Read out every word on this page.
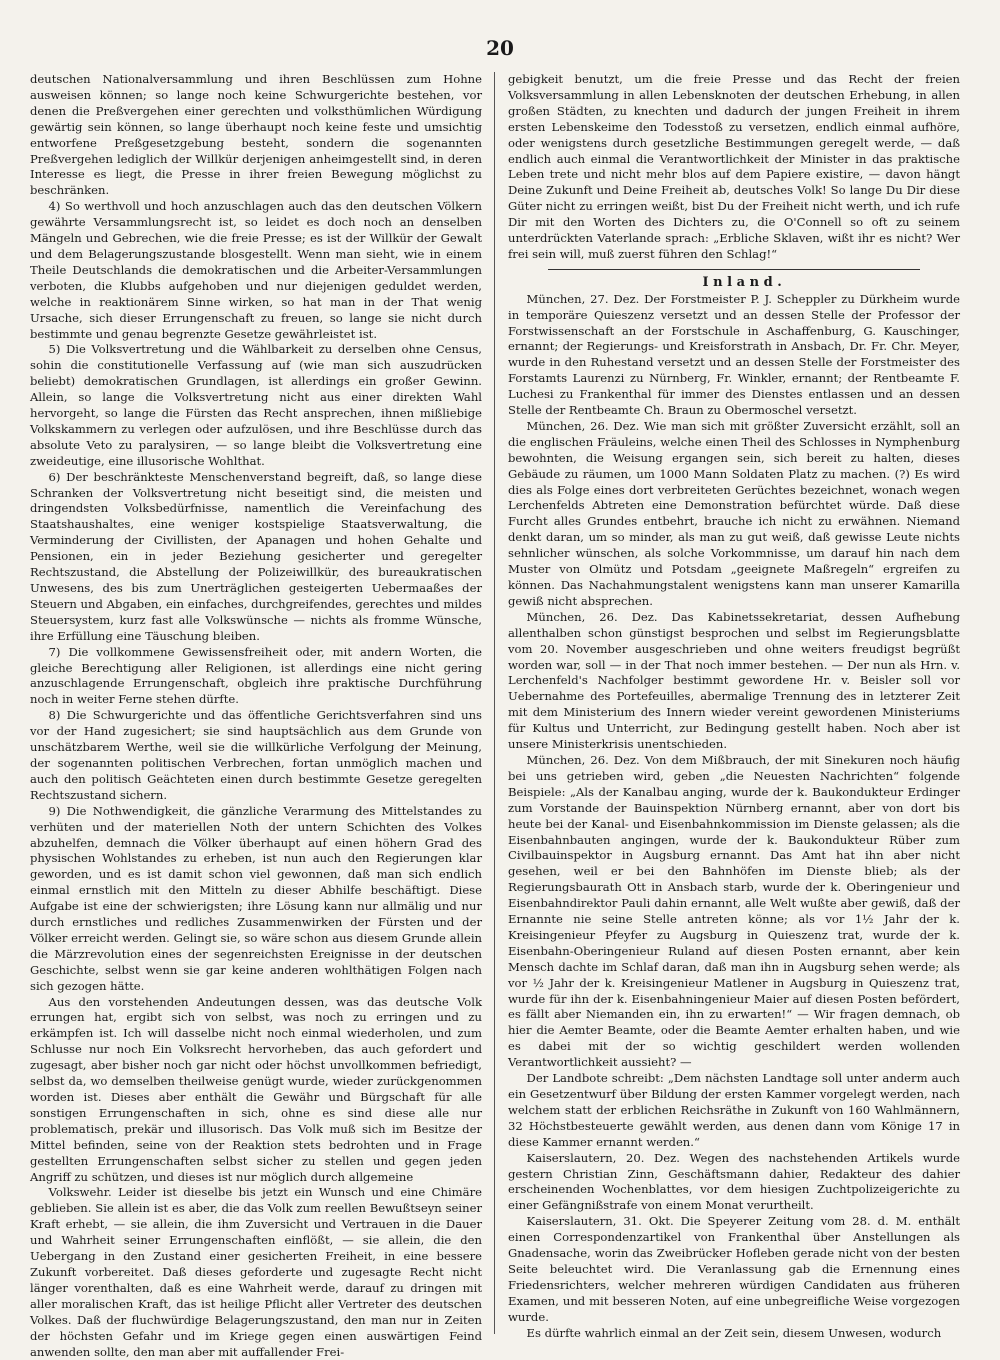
20

deutschen Nationalversammlung und ihren Beschlüssen zum Hohne ausweisen können; so lange noch keine Schwurgerichte bestehen, vor denen die Preßvergehen einer gerechten und volksthümlichen Würdigung gewärtig sein können, so lange überhaupt noch keine feste und umsichtig entworfene Preßgesetzgebung besteht, sondern die sogenannten Preßvergehen lediglich der Willkür derjenigen anheimgestellt sind, in deren Interesse es liegt, die Presse in ihrer freien Bewegung möglichst zu beschränken.

4) So werthvoll und hoch anzuschlagen auch das den deutschen Völkern gewährte Versammlungsrecht ist, so leidet es doch noch an denselben Mängeln und Gebrechen, wie die freie Presse; es ist der Willkür der Gewalt und dem Belagerungszustande blosgestellt. Wenn man sieht, wie in einem Theile Deutschlands die demokratischen und die Arbeiter-Versammlungen verboten, die Klubbs aufgehoben und nur diejenigen geduldet werden, welche in reaktionärem Sinne wirken, so hat man in der That wenig Ursache, sich dieser Errungenschaft zu freuen, so lange sie nicht durch bestimmte und genau begrenzte Gesetze gewährleistet ist.

5) Die Volksvertretung und die Wählbarkeit zu derselben ohne Census, sohin die constitutionelle Verfassung auf (wie man sich auszudrücken beliebt) demokratischen Grundlagen, ist allerdings ein großer Gewinn. Allein, so lange die Volksvertretung nicht aus einer direkten Wahl hervorgeht, so lange die Fürsten das Recht ansprechen, ihnen mißliebige Volkskammern zu verlegen oder aufzulösen, und ihre Beschlüsse durch das absolute Veto zu paralysiren, — so lange bleibt die Volksvertretung eine zweideutige, eine illusorische Wohlthat.

6) Der beschränkteste Menschenverstand begreift, daß, so lange diese Schranken der Volksvertretung nicht beseitigt sind, die meisten und dringendsten Volksbedürfnisse, namentlich die Vereinfachung des Staatshaushaltes, eine weniger kostspielige Staatsverwaltung, die Verminderung der Civillisten, der Apanagen und hohen Gehalte und Pensionen, ein in jeder Beziehung gesicherter und geregelter Rechtszustand, die Abstellung der Polizeiwillkür, des bureaukratischen Unwesens, des bis zum Unerträglichen gesteigerten Uebermaaßes der Steuern und Abgaben, ein einfaches, durchgreifendes, gerechtes und mildes Steuersystem, kurz fast alle Volkswünsche — nichts als fromme Wünsche, ihre Erfüllung eine Täuschung bleiben.

7) Die vollkommene Gewissensfreiheit oder, mit andern Worten, die gleiche Berechtigung aller Religionen, ist allerdings eine nicht gering anzuschlagende Errungenschaft, obgleich ihre praktische Durchführung noch in weiter Ferne stehen dürfte.

8) Die Schwurgerichte und das öffentliche Gerichtsverfahren sind uns vor der Hand zugesichert; sie sind hauptsächlich aus dem Grunde von unschätzbarem Werthe, weil sie die willkürliche Verfolgung der Meinung, der sogenannten politischen Verbrechen, fortan unmöglich machen und auch den politisch Geächteten einen durch bestimmte Gesetze geregelten Rechtszustand sichern.

9) Die Nothwendigkeit, die gänzliche Verarmung des Mittelstandes zu verhüten und der materiellen Noth der untern Schichten des Volkes abzuhelfen, demnach die Völker überhaupt auf einen höhern Grad des physischen Wohlstandes zu erheben, ist nun auch den Regierungen klar geworden, und es ist damit schon viel gewonnen, daß man sich endlich einmal ernstlich mit den Mitteln zu dieser Abhilfe beschäftigt. Diese Aufgabe ist eine der schwierigsten; ihre Lösung kann nur allmälig und nur durch ernstliches und redliches Zusammenwirken der Fürsten und der Völker erreicht werden. Gelingt sie, so wäre schon aus diesem Grunde allein die Märzrevolution eines der segenreichsten Ereignisse in der deutschen Geschichte, selbst wenn sie gar keine anderen wohlthätigen Folgen nach sich gezogen hätte.

Aus den vorstehenden Andeutungen dessen, was das deutsche Volk errungen hat, ergibt sich von selbst, was noch zu erringen und zu erkämpfen ist. Ich will dasselbe nicht noch einmal wiederholen, und zum Schlusse nur noch Ein Volksrecht hervorheben, das auch gefordert und zugesagt, aber bisher noch gar nicht oder höchst unvollkommen befriedigt, selbst da, wo demselben theilweise genügt wurde, wieder zurückgenommen worden ist. Dieses aber enthält die Gewähr und Bürgschaft für alle sonstigen Errungenschaften in sich, ohne es sind diese alle nur problematisch, prekär und illusorisch. Das Volk muß sich im Besitze der Mittel befinden, seine von der Reaktion stets bedrohten und in Frage gestellten Errungenschaften selbst sicher zu stellen und gegen jeden Angriff zu schützen, und dieses ist nur möglich durch allgemeine

Volkswehr. Leider ist dieselbe bis jetzt ein Wunsch und eine Chimäre geblieben. Sie allein ist es aber, die das Volk zum reellen Bewußtseyn seiner Kraft erhebt, — sie allein, die ihm Zuversicht und Vertrauen in die Dauer und Wahrheit seiner Errungenschaften einflößt, — sie allein, die den Uebergang in den Zustand einer gesicherten Freiheit, in eine bessere Zukunft vorbereitet. Daß dieses geforderte und zugesagte Recht nicht länger vorenthalten, daß es eine Wahrheit werde, darauf zu dringen mit aller moralischen Kraft, das ist heilige Pflicht aller Vertreter des deutschen Volkes. Daß der fluchwürdige Belagerungszustand, den man nur in Zeiten der höchsten Gefahr und im Kriege gegen einen auswärtigen Feind anwenden sollte, den man aber mit auffallender Frei-

gebigkeit benutzt, um die freie Presse und das Recht der freien Volksversammlung in allen Lebensknoten der deutschen Erhebung, in allen großen Städten, zu knechten und dadurch der jungen Freiheit in ihrem ersten Lebenskeime den Todesstoß zu versetzen, endlich einmal aufhöre, oder wenigstens durch gesetzliche Bestimmungen geregelt werde, — daß endlich auch einmal die Verantwortlichkeit der Minister in das praktische Leben trete und nicht mehr blos auf dem Papiere existire, — davon hängt Deine Zukunft und Deine Freiheit ab, deutsches Volk! So lange Du Dir diese Güter nicht zu erringen weißt, bist Du der Freiheit nicht werth, und ich rufe Dir mit den Worten des Dichters zu, die O'Connell so oft zu seinem unterdrückten Vaterlande sprach: „Erbliche Sklaven, wißt ihr es nicht? Wer frei sein will, muß zuerst führen den Schlag!“

Inland.

München, 27. Dez. Der Forstmeister P. J. Scheppler zu Dürkheim wurde in temporäre Quieszenz versetzt und an dessen Stelle der Professor der Forstwissenschaft an der Forstschule in Aschaffenburg, G. Kauschinger, ernannt; der Regierungs- und Kreisforstrath in Ansbach, Dr. Fr. Chr. Meyer, wurde in den Ruhestand versetzt und an dessen Stelle der Forstmeister des Forstamts Laurenzi zu Nürnberg, Fr. Winkler, ernannt; der Rentbeamte F. Luchesi zu Frankenthal für immer des Dienstes entlassen und an dessen Stelle der Rentbeamte Ch. Braun zu Obermoschel versetzt.

München, 26. Dez. Wie man sich mit größter Zuversicht erzählt, soll an die englischen Fräuleins, welche einen Theil des Schlosses in Nymphenburg bewohnten, die Weisung ergangen sein, sich bereit zu halten, dieses Gebäude zu räumen, um 1000 Mann Soldaten Platz zu machen. (?) Es wird dies als Folge eines dort verbreiteten Gerüchtes bezeichnet, wonach wegen Lerchenfelds Abtreten eine Demonstration befürchtet würde. Daß diese Furcht alles Grundes entbehrt, brauche ich nicht zu erwähnen. Niemand denkt daran, um so minder, als man zu gut weiß, daß gewisse Leute nichts sehnlicher wünschen, als solche Vorkommnisse, um darauf hin nach dem Muster von Olmütz und Potsdam „geeignete Maßregeln“ ergreifen zu können. Das Nachahmungstalent wenigstens kann man unserer Kamarilla gewiß nicht absprechen.

München, 26. Dez. Das Kabinetssekretariat, dessen Aufhebung allenthalben schon günstigst besprochen und selbst im Regierungsblatte vom 20. November ausgeschrieben und ohne weiters freudigst begrüßt worden war, soll — in der That noch immer bestehen. — Der nun als Hrn. v. Lerchenfeld's Nachfolger bestimmt gewordene Hr. v. Beisler soll vor Uebernahme des Portefeuilles, abermalige Trennung des in letzterer Zeit mit dem Ministerium des Innern wieder vereint gewordenen Ministeriums für Kultus und Unterricht, zur Bedingung gestellt haben. Noch aber ist unsere Ministerkrisis unentschieden.

München, 26. Dez. Von dem Mißbrauch, der mit Sinekuren noch häufig bei uns getrieben wird, geben „die Neuesten Nachrichten“ folgende Beispiele: „Als der Kanalbau anging, wurde der k. Baukondukteur Erdinger zum Vorstande der Bauinspektion Nürnberg ernannt, aber von dort bis heute bei der Kanal- und Eisenbahnkommission im Dienste gelassen; als die Eisenbahnbauten angingen, wurde der k. Baukondukteur Rüber zum Civilbauinspektor in Augsburg ernannt. Das Amt hat ihn aber nicht gesehen, weil er bei den Bahnhöfen im Dienste blieb; als der Regierungsbaurath Ott in Ansbach starb, wurde der k. Oberingenieur und Eisenbahndirektor Pauli dahin ernannt, alle Welt wußte aber gewiß, daß der Ernannte nie seine Stelle antreten könne; als vor 1½ Jahr der k. Kreisingenieur Pfeyfer zu Augsburg in Quieszenz trat, wurde der k. Eisenbahn-Oberingenieur Ruland auf diesen Posten ernannt, aber kein Mensch dachte im Schlaf daran, daß man ihn in Augsburg sehen werde; als vor ½ Jahr der k. Kreisingenieur Matlener in Augsburg in Quieszenz trat, wurde für ihn der k. Eisenbahningenieur Maier auf diesen Posten befördert, es fällt aber Niemanden ein, ihn zu erwarten!“ — Wir fragen demnach, ob hier die Aemter Beamte, oder die Beamte Aemter erhalten haben, und wie es dabei mit der so wichtig geschildert werden wollenden Verantwortlichkeit aussieht? —

Der Landbote schreibt: „Dem nächsten Landtage soll unter anderm auch ein Gesetzentwurf über Bildung der ersten Kammer vorgelegt werden, nach welchem statt der erblichen Reichsräthe in Zukunft von 160 Wahlmännern, 32 Höchstbesteuerte gewählt werden, aus denen dann vom Könige 17 in diese Kammer ernannt werden.“

Kaiserslautern, 20. Dez. Wegen des nachstehenden Artikels wurde gestern Christian Zinn, Geschäftsmann dahier, Redakteur des dahier erscheinenden Wochenblattes, vor dem hiesigen Zuchtpolizeigerichte zu einer Gefängnißstrafe von einem Monat verurtheilt.

Kaiserslautern, 31. Okt. Die Speyerer Zeitung vom 28. d. M. enthält einen Correspondenzartikel von Frankenthal über Anstellungen als Gnadensache, worin das Zweibrücker Hofleben gerade nicht von der besten Seite beleuchtet wird. Die Veranlassung gab die Ernennung eines Friedensrichters, welcher mehreren würdigen Candidaten aus früheren Examen, und mit besseren Noten, auf eine unbegreifliche Weise vorgezogen wurde.

Es dürfte wahrlich einmal an der Zeit sein, diesem Unwesen, wodurch
